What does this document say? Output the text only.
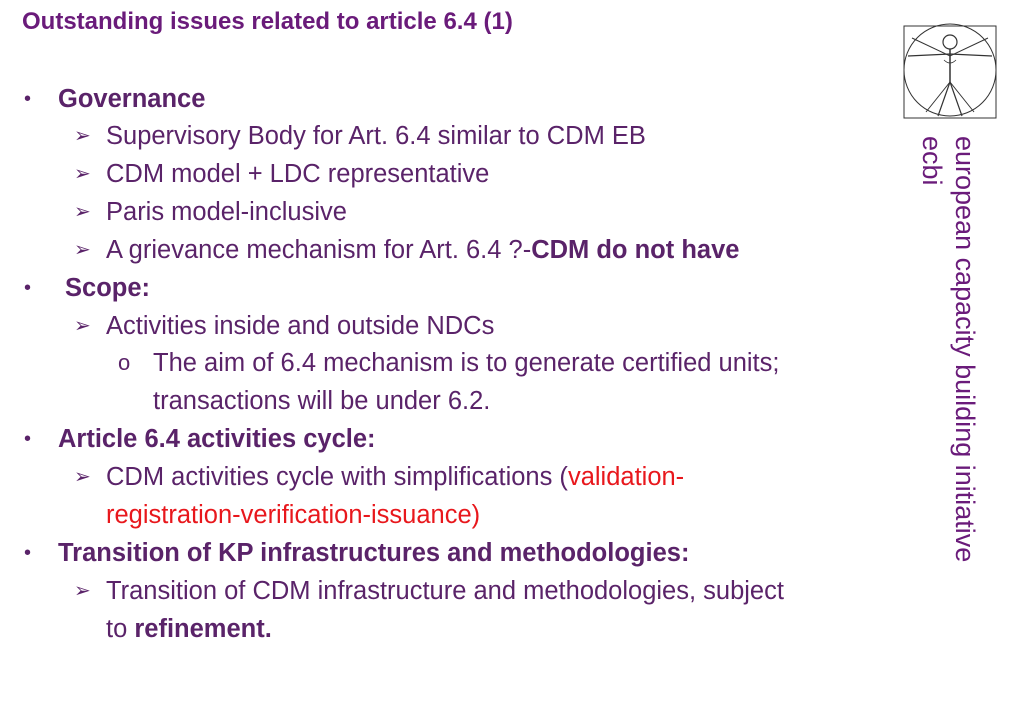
Outstanding issues related to article 6.4 (1)
• Governance
➢ Supervisory Body for Art. 6.4 similar to CDM EB
➢ CDM model + LDC representative
➢ Paris model-inclusive
➢ A grievance mechanism for Art. 6.4 ?-CDM do not have
• Scope:
➢ Activities inside and outside NDCs
o The aim of 6.4 mechanism is to generate certified units;
transactions will be under 6.2.
• Article 6.4 activities cycle:
➢ CDM activities cycle with simplifications (validation-
registration-verification-issuance)
• Transition of KP infrastructures and methodologies:
➢ Transition of CDM infrastructure and methodologies, subject
to refinement.
european capacity building initiative
ecbi
